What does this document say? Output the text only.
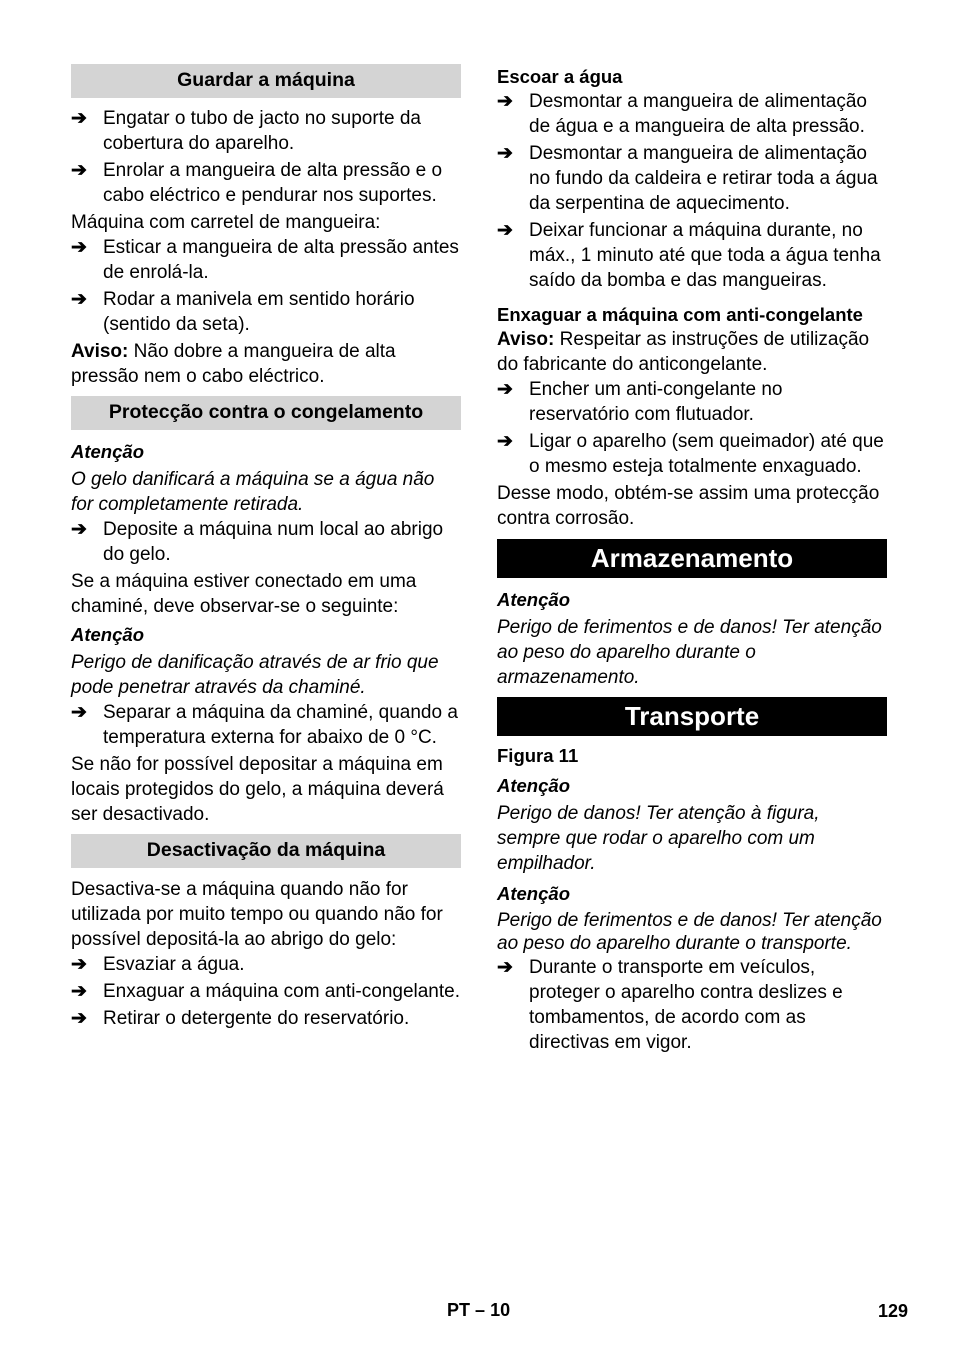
Guardar a máquina
➔ Engatar o tubo de jacto no suporte da cobertura do aparelho.
➔ Enrolar a mangueira de alta pressão e o cabo eléctrico e pendurar nos suportes.
Máquina com carretel de mangueira:
➔ Esticar a mangueira de alta pressão antes de enrolá-la.
➔ Rodar a manivela em sentido horário (sentido da seta).
Aviso: Não dobre a mangueira de alta pressão nem o cabo eléctrico.
Protecção contra o congelamento
Atenção
O gelo danificará a máquina se a água não for completamente retirada.
➔ Deposite a máquina num local ao abrigo do gelo.
Se a máquina estiver conectado em uma chaminé, deve observar-se o seguinte:
Atenção
Perigo de danificação através de ar frio que pode penetrar através da chaminé.
➔ Separar a máquina da chaminé, quando a temperatura externa for abaixo de 0 °C.
Se não for possível depositar a máquina em locais protegidos do gelo, a máquina deverá ser desactivado.
Desactivação da máquina
Desactiva-se a máquina quando não for utilizada por muito tempo ou quando não for possível depositá-la ao abrigo do gelo:
➔ Esvaziar a água.
➔ Enxaguar a máquina com anti-congelante.
➔ Retirar o detergente do reservatório.
Escoar a água
➔ Desmontar a mangueira de alimentação de água e a mangueira de alta pressão.
➔ Desmontar a mangueira de alimentação no fundo da caldeira e retirar toda a água da serpentina de aquecimento.
➔ Deixar funcionar a máquina durante, no máx., 1 minuto até que toda a água tenha saído da bomba e das mangueiras.
Enxaguar a máquina com anti-congelante
Aviso: Respeitar as instruções de utilização do fabricante do anticongelante.
➔ Encher um anti-congelante no reservatório com flutuador.
➔ Ligar o aparelho (sem queimador) até que o mesmo esteja totalmente enxaguado.
Desse modo, obtém-se assim uma protecção contra corrosão.
Armazenamento
Atenção
Perigo de ferimentos e de danos! Ter atenção ao peso do aparelho durante o armazenamento.
Transporte
Figura 11
Atenção
Perigo de danos! Ter atenção à figura, sempre que rodar o aparelho com um empilhador.
Atenção
Perigo de ferimentos e de danos! Ter atenção ao peso do aparelho durante o transporte.
➔ Durante o transporte em veículos, proteger o aparelho contra deslizes e tombamentos, de acordo com as directivas em vigor.
PT – 10	129
